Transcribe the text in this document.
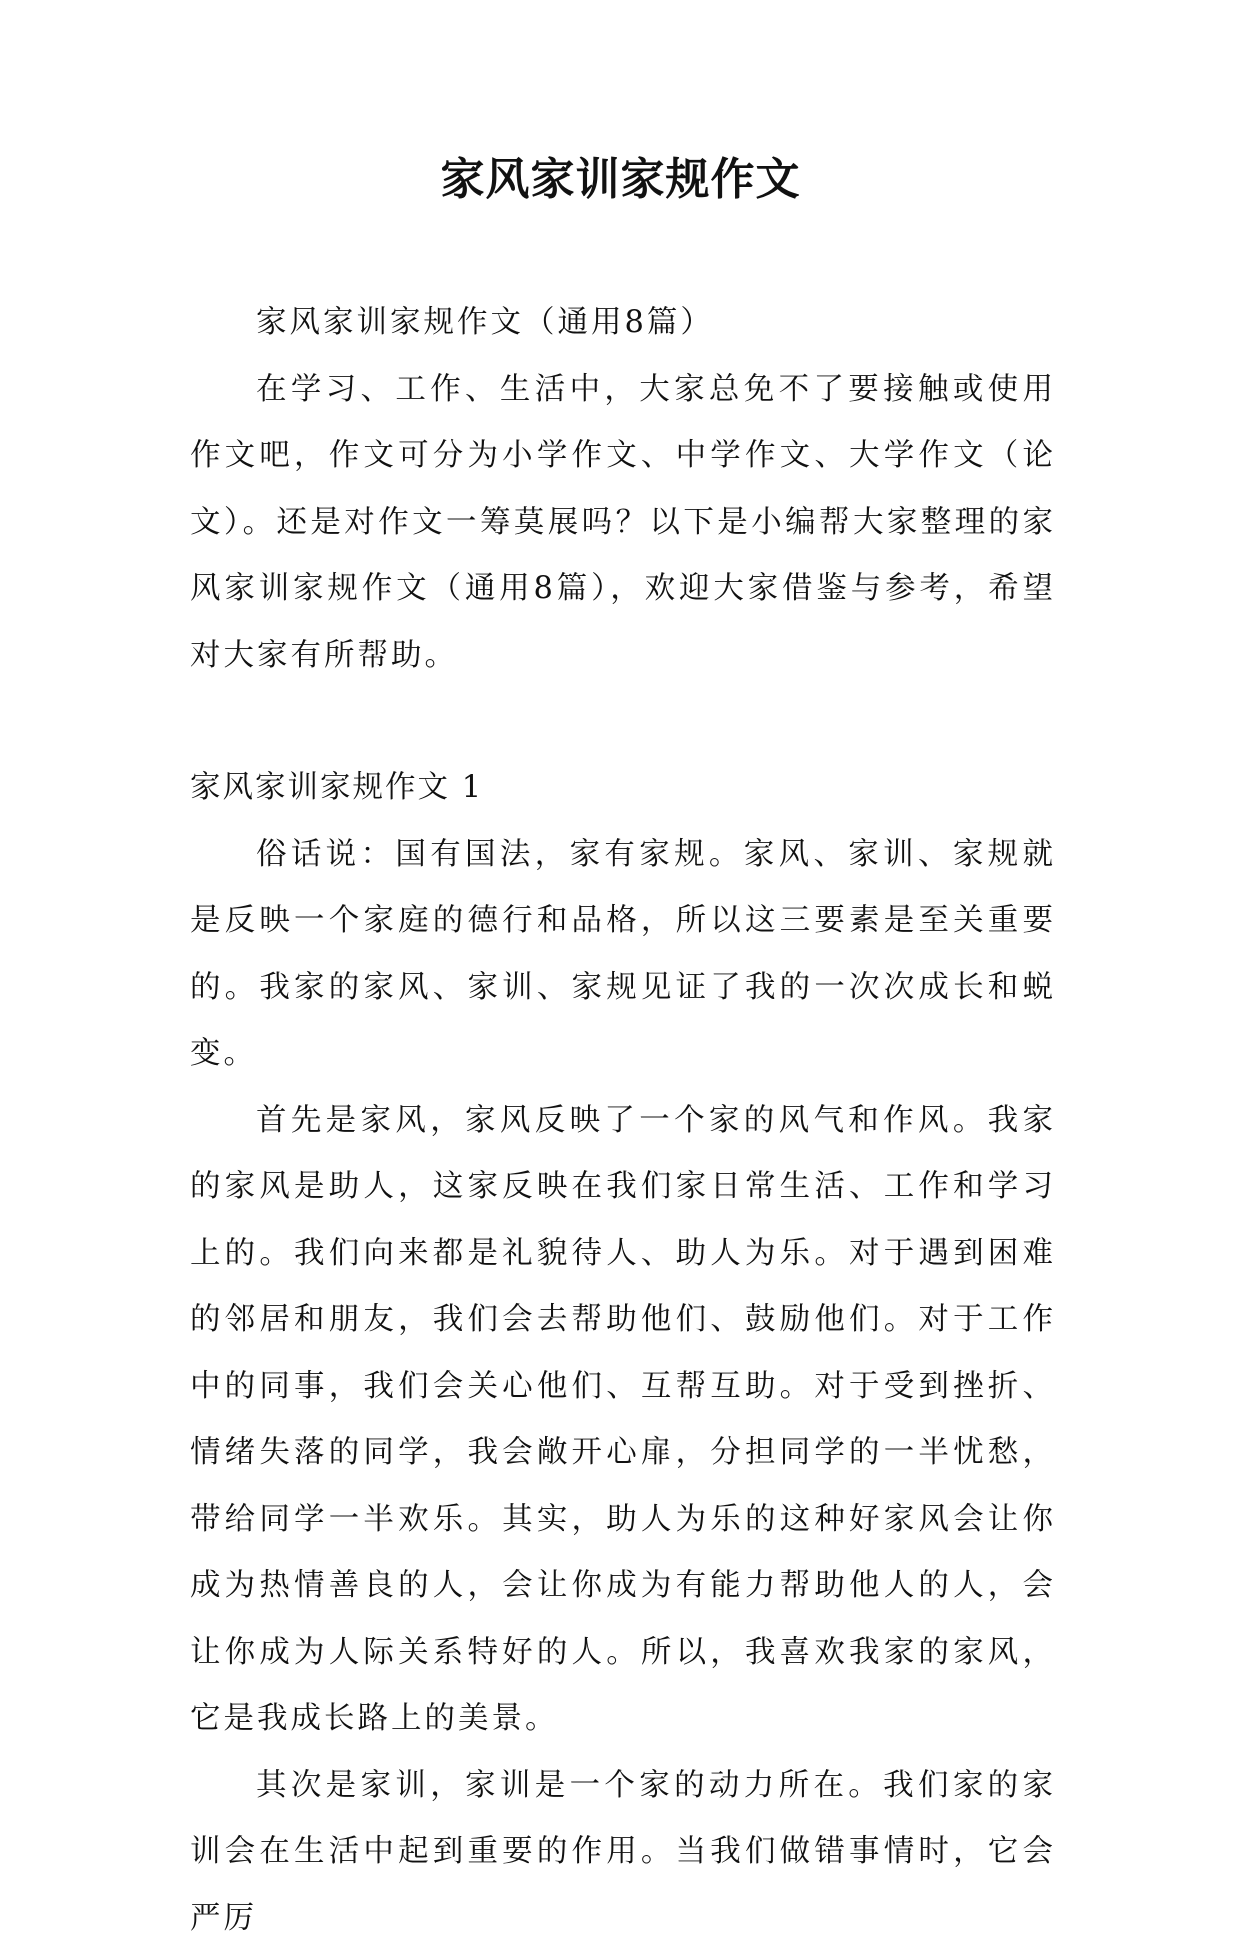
家风家训家规作文

家风家训家规作文（通用8篇）

在学习、工作、生活中，大家总免不了要接触或使用作文吧，作文可分为小学作文、中学作文、大学作文（论文）。还是对作文一筹莫展吗？以下是小编帮大家整理的家风家训家规作文（通用8篇），欢迎大家借鉴与参考，希望对大家有所帮助。

家风家训家规作文 1

俗话说：国有国法，家有家规。家风、家训、家规就是反映一个家庭的德行和品格，所以这三要素是至关重要的。我家的家风、家训、家规见证了我的一次次成长和蜕变。

首先是家风，家风反映了一个家的风气和作风。我家的家风是助人，这家反映在我们家日常生活、工作和学习上的。我们向来都是礼貌待人、助人为乐。对于遇到困难的邻居和朋友，我们会去帮助他们、鼓励他们。对于工作中的同事，我们会关心他们、互帮互助。对于受到挫折、情绪失落的同学，我会敞开心扉，分担同学的一半忧愁，带给同学一半欢乐。其实，助人为乐的这种好家风会让你成为热情善良的人，会让你成为有能力帮助他人的人，会让你成为人际关系特好的人。所以，我喜欢我家的家风，它是我成长路上的美景。

其次是家训，家训是一个家的动力所在。我们家的家训会在生活中起到重要的作用。当我们做错事情时，它会严厉
